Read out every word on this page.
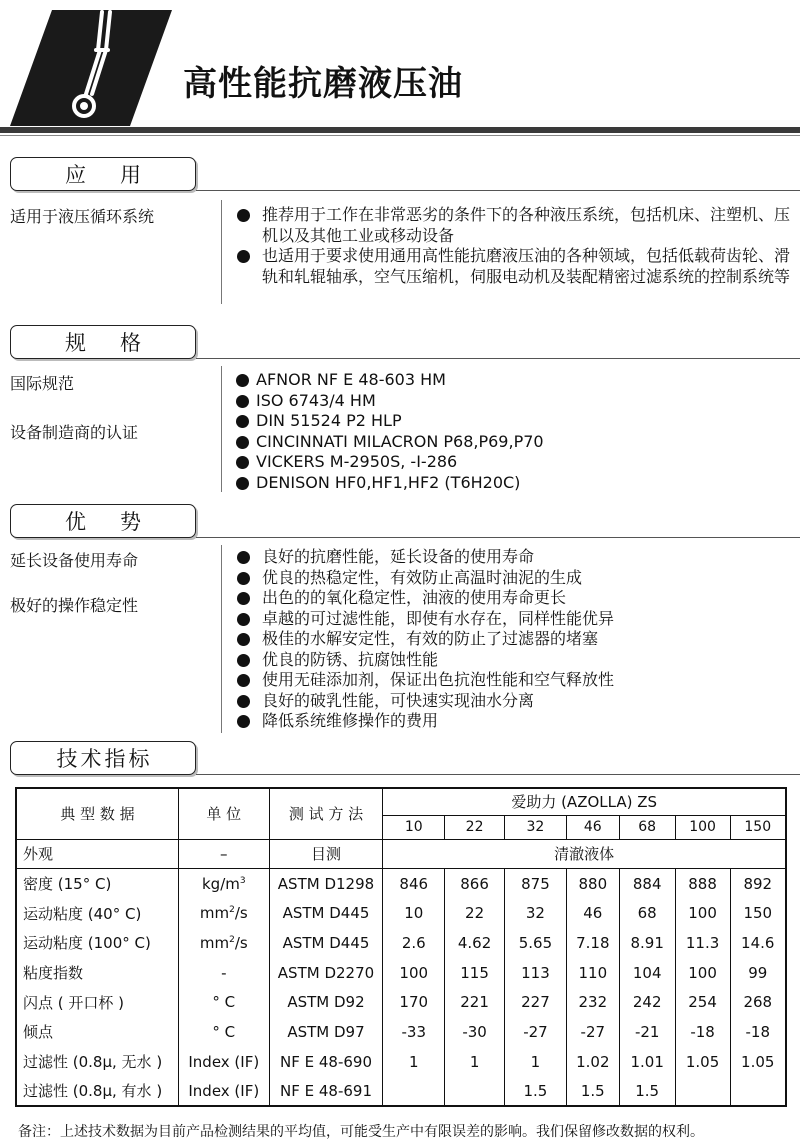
高性能抗磨液压油
应用
适用于液压循环系统	推荐用于工作在非常恶劣的条件下的各种液压系统，包括机床、注塑机、压机以及其他工业或移动设备
也适用于要求使用通用高性能抗磨液压油的各种领域，包括低载荷齿轮、滑轨和轧辊轴承，空气压缩机，伺服电动机及装配精密过滤系统的控制系统等
规格
国际规范
设备制造商的认证
AFNOR NF E 48-603 HM
ISO 6743/4 HM
DIN 51524 P2 HLP
CINCINNATI MILACRON P68,P69,P70
VICKERS M-2950S, -I-286
DENISON HF0,HF1,HF2 (T6H20C)
优势
延长设备使用寿命
极好的操作稳定性
良好的抗磨性能，延长设备的使用寿命
优良的热稳定性，有效防止高温时油泥的生成
出色的的氧化稳定性，油液的使用寿命更长
卓越的可过滤性能，即使有水存在，同样性能优异
极佳的水解安定性，有效的防止了过滤器的堵塞
优良的防锈、抗腐蚀性能
使用无硅添加剂，保证出色抗泡性能和空气释放性
良好的破乳性能，可快速实现油水分离
降低系统维修操作的费用
技术指标
典 型 数 据	单 位	测 试 方 法	爱助力 (AZOLLA) ZS						
			10	22	32	46	68	100	150
外观	–	目测	清澈液体						
密度 (15° C)	$kg/m^3$	ASTM D1298	846	866	875	880	884	888	892
运动粘度 (40° C)	$mm^2/s$	ASTM D445	10	22	32	46	68	100	150
运动粘度 (100° C)	$mm^2/s$	ASTM D445	2.6	4.62	5.65	7.18	8.91	11.3	14.6
粘度指数	-	ASTM D2270	100	115	113	110	104	100	99
闪点 ( 开口杯 )	° C	ASTM D92	170	221	227	232	242	254	268
倾点	° C	ASTM D97	-33	-30	-27	-27	-21	-18	-18
过滤性 (0.8μ, 无水 )	Index (IF)	NF E 48-690	1	1	1	1.02	1.01	1.05	1.05
过滤性 (0.8μ, 有水 )	Index (IF)	NF E 48-691			1.5	1.5	1.5		
备注：上述技术数据为目前产品检测结果的平均值，可能受生产中有限误差的影响。我们保留修改数据的权利。
